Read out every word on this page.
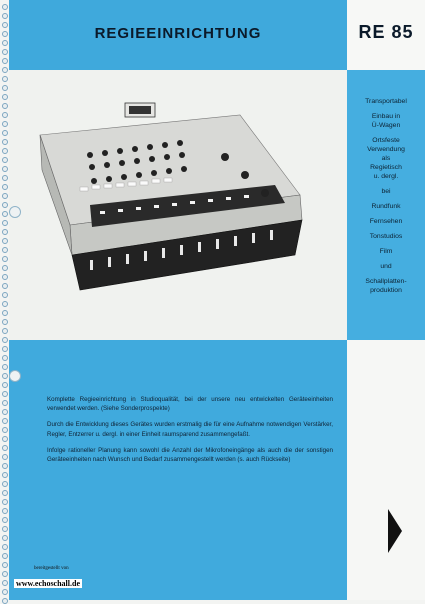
REGIEEINRICHTUNG	RE 85
Transportabel
Einbau in
Ü-Wagen
Ortsfeste
Verwendung
als
Regietisch
u. dergl.
bei
Rundfunk
Fernsehen
Tonstudios
Film
und
Schallplatten-
produktion

Komplette Regieeinrichtung in Studioqualität, bei der unsere neu entwickelten Geräteeinheiten verwendet werden. (Siehe Sonderprospekte)

Durch die Entwicklung dieses Gerätes wurden erstmalig die für eine Aufnahme notwendigen Verstärker, Regler, Entzerrer u. dergl. in einer Einheit raumsparend zusammengefaßt.

Infolge rationeller Planung kann sowohl die Anzahl der Mikrofoneingänge als auch die der sonstigen Geräteeinheiten nach Wunsch und Bedarf zusammengestellt werden (s. auch Rückseite)

bereitgestellt von
www.echoschall.de
